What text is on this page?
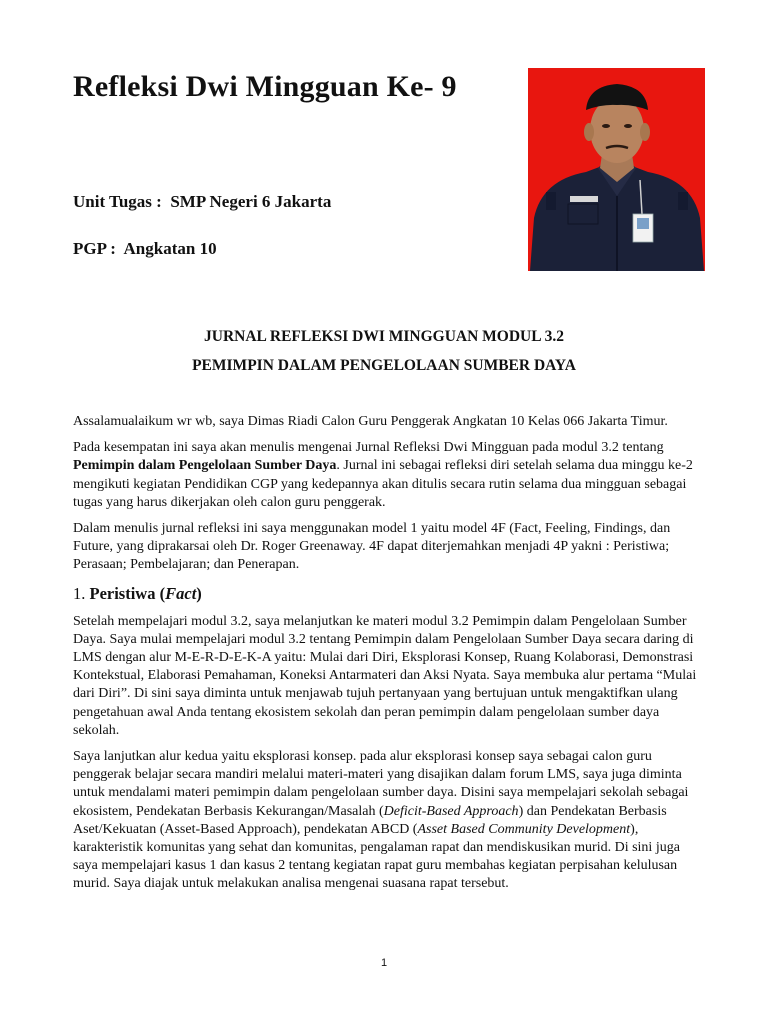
Refleksi Dwi Mingguan Ke- 9

Unit Tugas : SMP Negeri 6 Jakarta

PGP : Angkatan 10

JURNAL REFLEKSI DWI MINGGUAN MODUL 3.2

PEMIMPIN DALAM PENGELOLAAN SUMBER DAYA

Assalamualaikum wr wb, saya Dimas Riadi Calon Guru Penggerak Angkatan 10 Kelas 066 Jakarta Timur.

Pada kesempatan ini saya akan menulis mengenai Jurnal Refleksi Dwi Mingguan pada modul 3.2 tentang Pemimpin dalam Pengelolaan Sumber Daya. Jurnal ini sebagai refleksi diri setelah selama dua minggu ke-2 mengikuti kegiatan Pendidikan CGP yang kedepannya akan ditulis secara rutin selama dua mingguan sebagai tugas yang harus dikerjakan oleh calon guru penggerak.

Dalam menulis jurnal refleksi ini saya menggunakan model 1 yaitu model 4F (Fact, Feeling, Findings, dan Future, yang diprakarsai oleh Dr. Roger Greenaway. 4F dapat diterjemahkan menjadi 4P yakni : Peristiwa; Perasaan; Pembelajaran; dan Penerapan.

1. Peristiwa (Fact)

Setelah mempelajari modul 3.2, saya melanjutkan ke materi modul 3.2 Pemimpin dalam Pengelolaan Sumber Daya. Saya mulai mempelajari modul 3.2 tentang Pemimpin dalam Pengelolaan Sumber Daya secara daring di LMS dengan alur M-E-R-D-E-K-A yaitu: Mulai dari Diri, Eksplorasi Konsep, Ruang Kolaborasi, Demonstrasi Kontekstual, Elaborasi Pemahaman, Koneksi Antarmateri dan Aksi Nyata. Saya membuka alur pertama “Mulai dari Diri”. Di sini saya diminta untuk menjawab tujuh pertanyaan yang bertujuan untuk mengaktifkan ulang pengetahuan awal Anda tentang ekosistem sekolah dan peran pemimpin dalam pengelolaan sumber daya sekolah.

Saya lanjutkan alur kedua yaitu eksplorasi konsep. pada alur eksplorasi konsep saya sebagai calon guru penggerak belajar secara mandiri melalui materi-materi yang disajikan dalam forum LMS, saya juga diminta untuk mendalami materi pemimpin dalam pengelolaan sumber daya. Disini saya mempelajari sekolah sebagai ekosistem, Pendekatan Berbasis Kekurangan/Masalah (Deficit-Based Approach) dan Pendekatan Berbasis Aset/Kekuatan (Asset-Based Approach), pendekatan ABCD (Asset Based Community Development), karakteristik komunitas yang sehat dan komunitas, pengalaman rapat dan mendiskusikan murid. Di sini juga saya mempelajari kasus 1 dan kasus 2 tentang kegiatan rapat guru membahas kegiatan perpisahan kelulusan murid. Saya diajak untuk melakukan analisa mengenai suasana rapat tersebut.

1
